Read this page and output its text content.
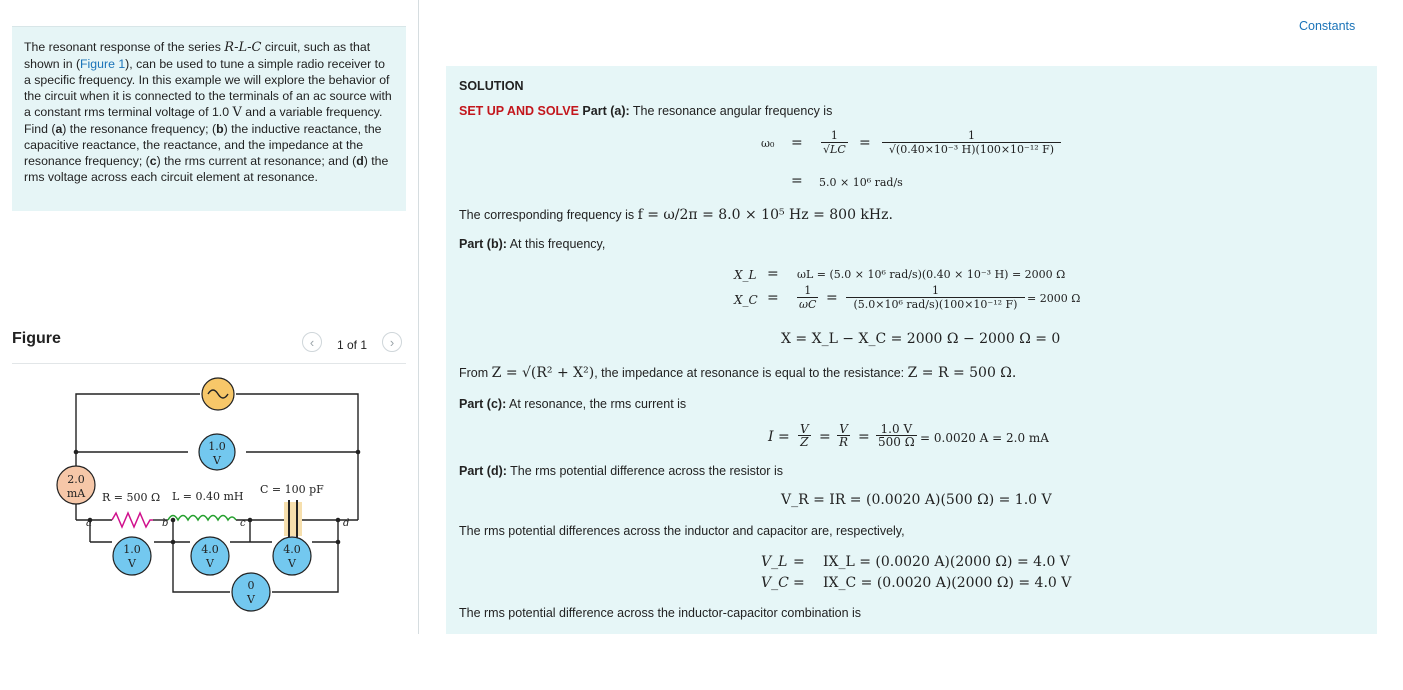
The resonant response of the series R-L-C circuit, such as that shown in (Figure 1), can be used to tune a simple radio receiver to a specific frequency. In this example we will explore the behavior of the circuit when it is connected to the terminals of an ac source with a constant rms terminal voltage of 1.0 V and a variable frequency. Find (a) the resonance frequency; (b) the inductive reactance, the capacitive reactance, the reactance, and the impedance at the resonance frequency; (c) the rms current at resonance; and (d) the rms voltage across each circuit element at resonance.

Figure	‹	1 of 1	›
1.0
V
2.0
mA
1.0
V
4.0
V
4.0
V
0
V
R = 500 Ω L = 0.40 mH
C = 100 pF
a	b	c	d
Constants
SOLUTION
SET UP AND SOLVE Part (a): The resonance angular frequency is
$\omega_0 = \frac{1}{√LC} = \frac{1}{\text{√(0.40×10⁻³ H)(100×10⁻¹² F)}}$
= 5.0 × 10⁶ rad/s
The corresponding frequency is f = ω/2π = 8.0 × 10⁵ Hz = 800 kHz.
Part (b): At this frequency,
X_L = ωL = (5.0 × 10⁶ rad/s)(0.40 × 10⁻³ H) = 2000 Ω
X_C = $\frac{1}{\omega C} = \frac{1}{\text{(5.0×10⁶ rad/s)(100×10⁻¹² F)}} = 2000$ Ω
X = X_L − X_C = 2000 Ω − 2000 Ω = 0
From Z = √(R² + X²), the impedance at resonance is equal to the resistance: Z = R = 500 Ω.
Part (c): At resonance, the rms current is
$I = \frac{V}{Z} = \frac{V}{R} = \frac{1.0 V}{500 \Omega} = 0.0020$ A = 2.0 mA
Part (d): The rms potential difference across the resistor is
V_R = IR = (0.0020 A)(500 Ω) = 1.0 V
The rms potential differences across the inductor and capacitor are, respectively,
V_L = IX_L = (0.0020 A)(2000 Ω) = 4.0 V
V_C = IX_C = (0.0020 A)(2000 Ω) = 4.0 V
The rms potential difference across the inductor-capacitor combination is
